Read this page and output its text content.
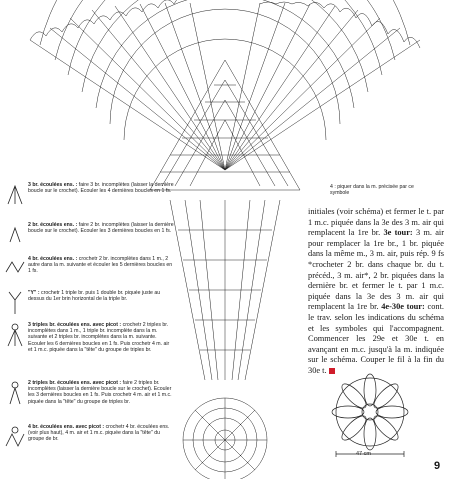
3 br. écoulées ens. : faire 3 br. incomplètes (laisser la dernière boucle sur le crochet). Ecouler les 4 dernières boucles en 1 fs.
2 br. écoulées ens. : faire 2 br. incomplètes (laisser la dernière boucle sur le crochet). Ecouler les 3 dernières boucles en 1 fs.
4 br. écoulées ens. : crochetr 2 br. incomplètes dans 1 m., 2 autre dans la m. suivante et écouler les 5 dernières boucles en 1 fs.
"Y" : crochetr 1 triple br. puis 1 double br. piquée juste au dessus du 1er brin horizontal de la triple br.
3 triples br. écoulées ens. avec picot : crochetr 2 triples br. incomplètes dans 1 m., 1 triple br. incomplète dans la m. suivante et 2 triples br. incomplètes dans la m. suivante. Ecouler les 6 dernières boucles en 1 fs. Puis crochetr 4 m. air et 1 m.c. piquée dans la "tête" du groupe de triples br.
2 triples br. écoulées ens. avec picot : faire 2 triples br. incomplètes (laisser la dernière boucle sur le crochet). Ecouler les 3 dernières boucles en 1 fs. Puis crochetr 4 m. air et 1 m.c. piquée dans la "tête" du groupe de triples br.
4 br. écoulées ens. avec picot : crochetr 4 br. écoulées ens. (voir plus haut), 4 m. air et 1 m.c. piquée dans la "tête" du groupe de br.
4 : piquer dans la m. précisée par ce symbole
initiales (voir schéma) et fermer le t. par 1 m.c. piquée dans la 3e des 3 m. air qui remplacent la 1re br. 3e tour: 3 m. air pour remplacer la 1re br., 1 br. piquée dans la même m., 3 m. air, puis rép. 9 fs *crocheter 2 br. dans chaque br. du t. précéd., 3 m. air*, 2 br. piquées dans la dernière br. et fermer le t. par 1 m.c. piquée dans la 3e des 3 m. air qui remplacent la 1re br. 4e-30e tour: cont. le trav. selon les indications du schéma et les symboles qui l'accompagnent. Commencer les 29e et 30e t. en avançant en m.c. jusqu'à la m. indiquée sur le schéma. Couper le fil à la fin du 30e t.
47 cm
9
